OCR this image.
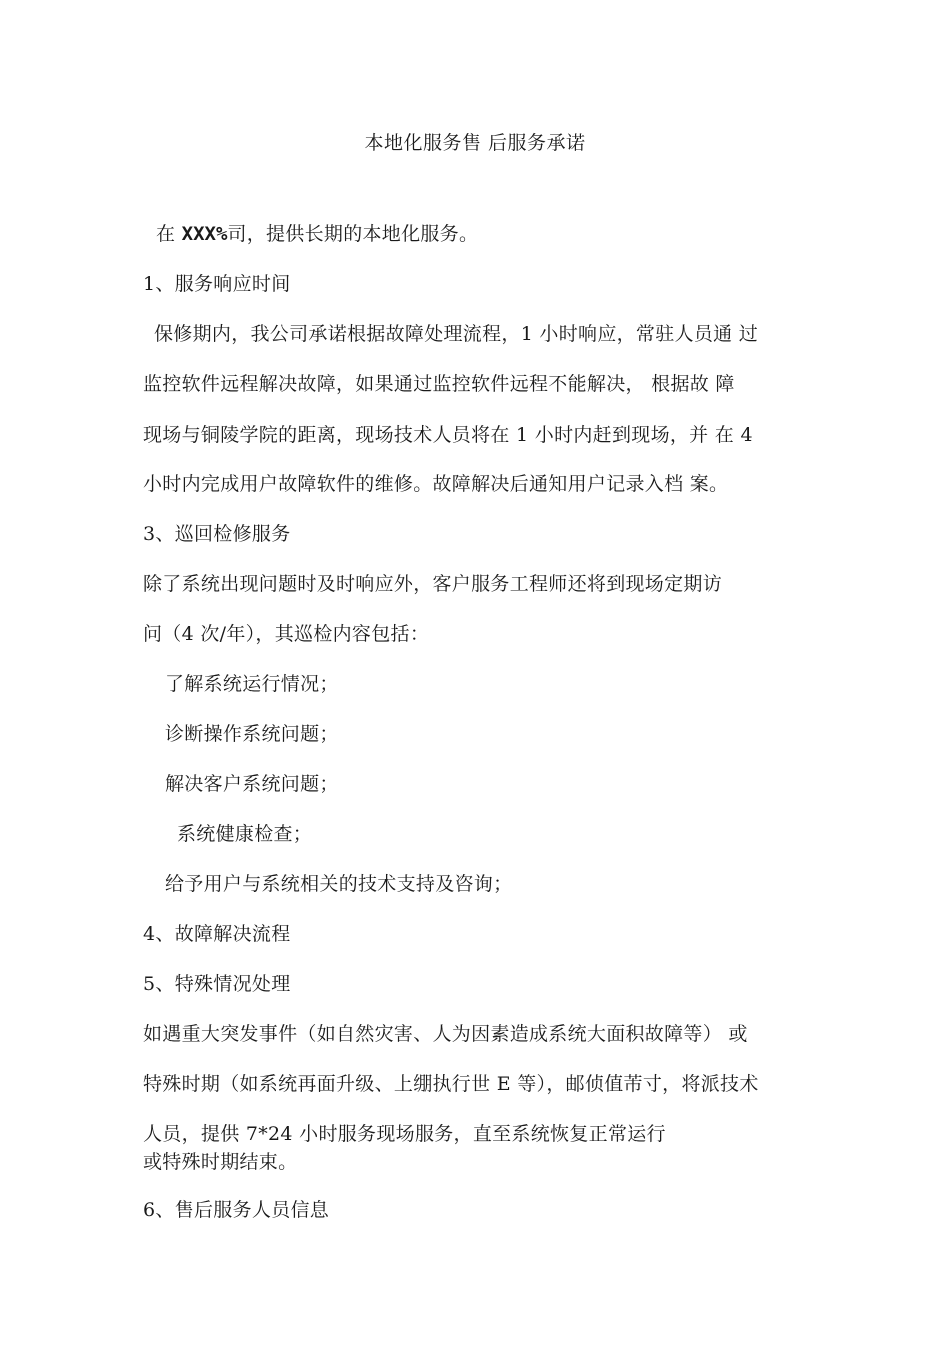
本地化服务售 后服务承诺
在 XXX%司，提供长期的本地化服务。
1、服务响应时间
保修期内，我公司承诺根据故障处理流程，1 小时响应，常驻人员通 过
监控软件远程解决故障，如果通过监控软件远程不能解决， 根据故 障
现场与铜陵学院的距离，现场技术人员将在 1 小时内赶到现场，并 在 4
小时内完成用户故障软件的维修。故障解决后通知用户记录入档 案。
3、巡回检修服务
除了系统出现问题时及时响应外，客户服务工程师还将到现场定期访
问（4 次/年），其巡检内容包括：
了解系统运行情况；
诊断操作系统问题；
解决客户系统问题；
系统健康检查；
给予用户与系统相关的技术支持及咨询；
4、故障解决流程
5、特殊情况处理
如遇重大突发事件（如自然灾害、人为因素造成系统大面积故障等） 或
特殊时期（如系统再面升级、上绷执行世 E 等），邮侦值芾寸，将派技术
人员，提供 7*24 小时服务现场服务，直至系统恢复正常运行
或特殊时期结束。
6、售后服务人员信息
